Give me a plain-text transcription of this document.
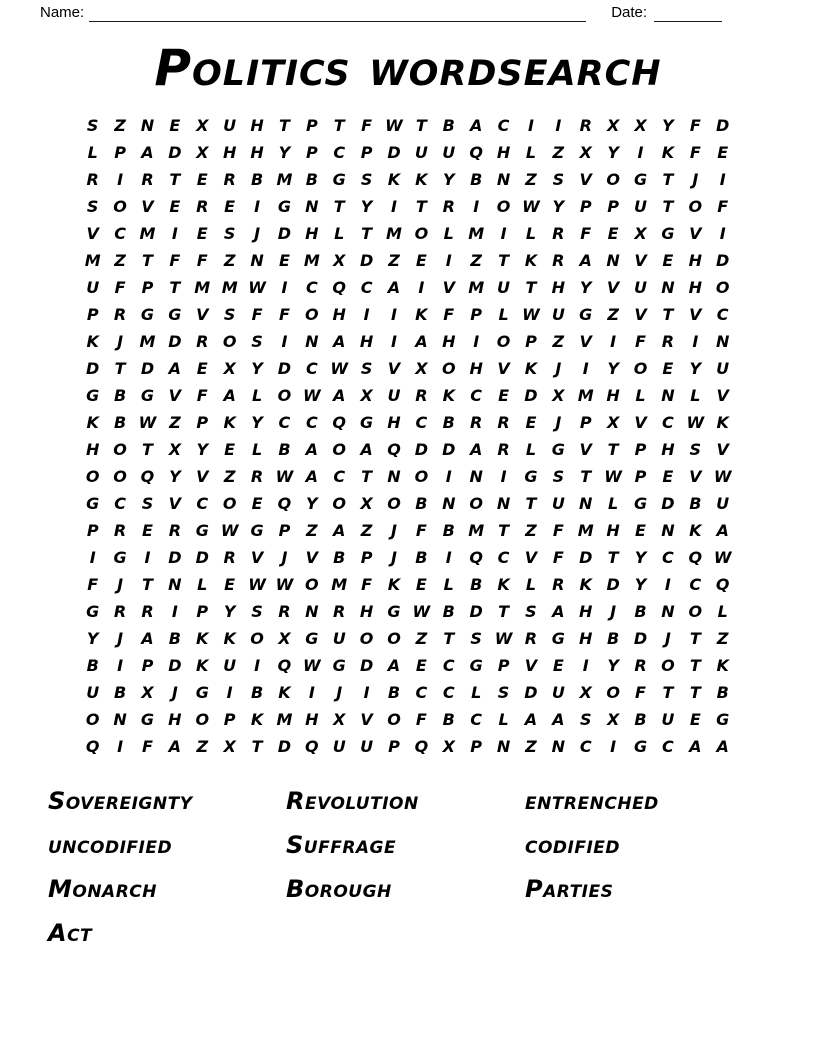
Name:	Date:
Politics wordsearch
S Z N E X U H T	P	T	F W T B A C	I	I	R X X Y	F D
L	P A D X H H Y P C P D U U Q H L	Z X Y	I	K F	E
R	I	R T	E R B M B G S K K Y B N Z S V O G T	J	I
S O V E R E	I	G N T	Y	I	T R	I	O W Y P P U T O F
V C M	I	E	S	J	D H L	T M O L M	I	L	R F	E X G V	I
M Z	T	F	F	Z N E M X D Z	E	I	Z	T K R A N V E H D
U F	P	T M M W I	C Q C A	I	V M U T H Y V U N H O
P R G G V S	F	F O H	I	I	K F	P	L W U G Z V T V C
K	J	M D R O S	I	N A H	I	A H	I	O P Z V	I	F R	I	N
D T D A E X Y D C W S V X O H V K	J	I	Y O E	Y U
G B G V F A	L O W A X U R K C	E D X M H L N L	V
K B W Z P K Y C C Q G H C B R R E	J	P X V C W K
H O T X Y	E	L	B A O A Q D D A R	L G V T	P H S V
O O Q Y V Z R W A C	T N O	I	N	I	G S	T W P	E V W
G C S V C O E Q Y O X O B N O N T U N L G D B U
P R E R G W G P Z A Z	J	F B M T	Z	F M H E N K A
I	G	I	D D R V	J	V B P	J	B	I	Q C V F D T	Y C Q W
F	J	T N L	E W W O M F K E	L	B K	L	R K D Y	I	C Q
G R R	I	P Y S R N R H G W B D T	S A H	J	B N O L
Y	J	A B K K O X G U O O Z	T	S W R G H B D	J	T	Z
B	I	P D K U	I	Q W G D A E	C G P V E	I	Y R O T K
U B X	J	G	I	B K	I	J	I	B C C	L	S D U X O F	T	T B
O N G H O P K M H X V O F B C	L	A A S X B U E G
Q	I	F A Z X T D Q U U P Q X P N Z N C	I	G C A A
Sovereignty
uncodified
Monarch
Act
Revolution
Suffrage
Borough
entrenched
codified
Parties
